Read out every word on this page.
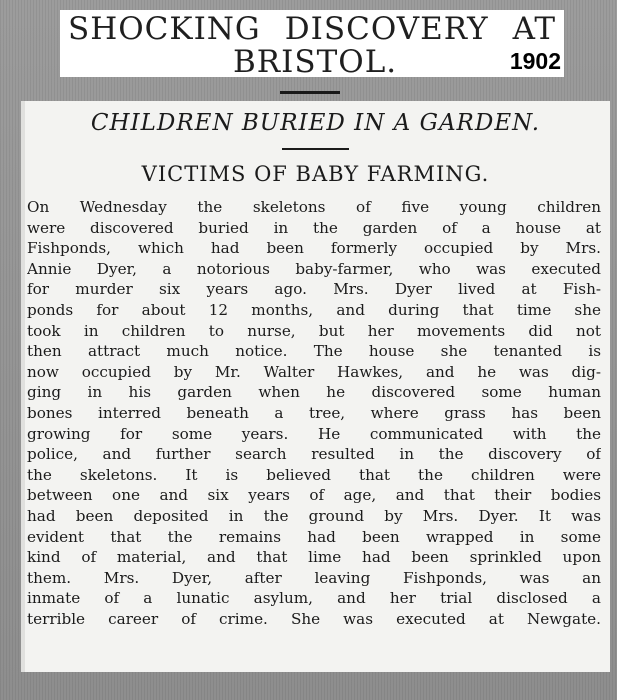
SHOCKING DISCOVERY AT
BRISTOL.	1902
CHILDREN BURIED IN A GARDEN.
VICTIMS OF BABY FARMING.
On Wednesday the skeletons of five young children
were discovered buried in the garden of a house at
Fishponds, which had been formerly occupied by Mrs.
Annie Dyer, a notorious baby-farmer, who was executed
for murder six years ago. Mrs. Dyer lived at Fish-
ponds for about 12 months, and during that time she
took in children to nurse, but her movements did not
then attract much notice. The house she tenanted is
now occupied by Mr. Walter Hawkes, and he was dig-
ging in his garden when he discovered some human
bones interred beneath a tree, where grass has been
growing for some years. He communicated with the
police, and further search resulted in the discovery of
the skeletons. It is believed that the children were
between one and six years of age, and that their bodies
had been deposited in the ground by Mrs. Dyer. It was
evident that the remains had been wrapped in some
kind of material, and that lime had been sprinkled upon
them. Mrs. Dyer, after leaving Fishponds, was an
inmate of a lunatic asylum, and her trial disclosed a
terrible career of crime. She was executed at Newgate.
